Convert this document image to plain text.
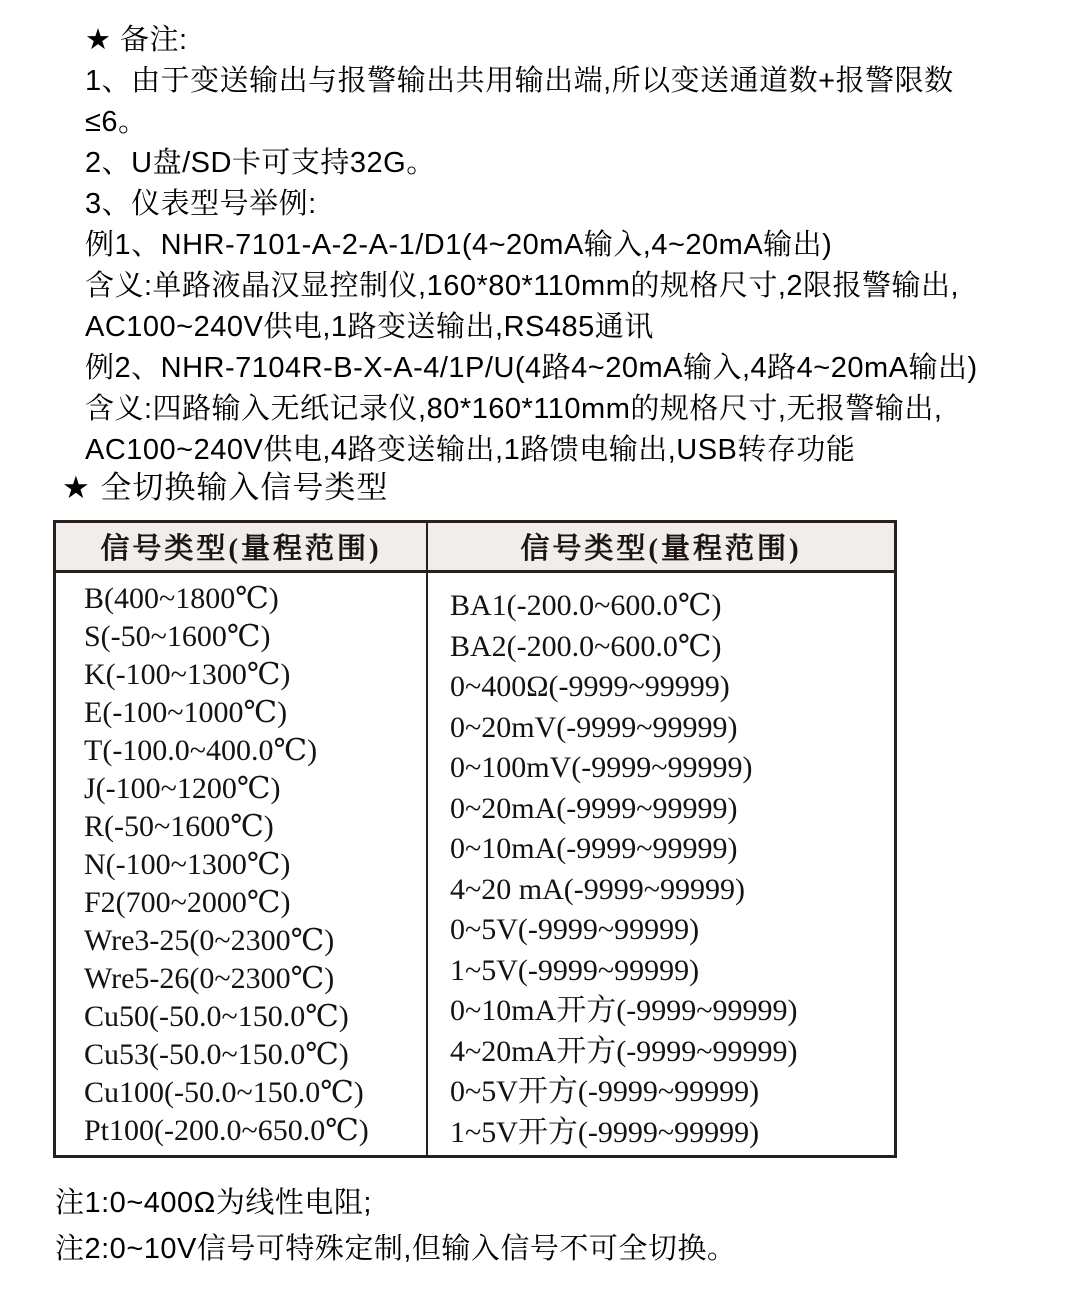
★ 备注:
1、由于变送输出与报警输出共用输出端,所以变送通道数+报警限数≤6。
2、U盘/SD卡可支持32G。
3、仪表型号举例:
例1、NHR-7101-A-2-A-1/D1(4~20mA输入,4~20mA输出)
含义:单路液晶汉显控制仪,160*80*110mm的规格尺寸,2限报警输出,
AC100~240V供电,1路变送输出,RS485通讯
例2、NHR-7104R-B-X-A-4/1P/U(4路4~20mA输入,4路4~20mA输出)
含义:四路输入无纸记录仪,80*160*110mm的规格尺寸,无报警输出,
AC100~240V供电,4路变送输出,1路馈电输出,USB转存功能
★ 全切换输入信号类型
信号类型(量程范围)	信号类型(量程范围)
B(400~1800℃)
S(-50~1600℃)
K(-100~1300℃)
E(-100~1000℃)
T(-100.0~400.0℃)
J(-100~1200℃)
R(-50~1600℃)
N(-100~1300℃)
F2(700~2000℃)
Wre3-25(0~2300℃)
Wre5-26(0~2300℃)
Cu50(-50.0~150.0℃)
Cu53(-50.0~150.0℃)
Cu100(-50.0~150.0℃)
Pt100(-200.0~650.0℃)
BA1(-200.0~600.0℃)
BA2(-200.0~600.0℃)
0~400Ω(-9999~99999)
0~20mV(-9999~99999)
0~100mV(-9999~99999)
0~20mA(-9999~99999)
0~10mA(-9999~99999)
4~20 mA(-9999~99999)
0~5V(-9999~99999)
1~5V(-9999~99999)
0~10mA开方(-9999~99999)
4~20mA开方(-9999~99999)
0~5V开方(-9999~99999)
1~5V开方(-9999~99999)
注1:0~400Ω为线性电阻;
注2:0~10V信号可特殊定制,但输入信号不可全切换。
